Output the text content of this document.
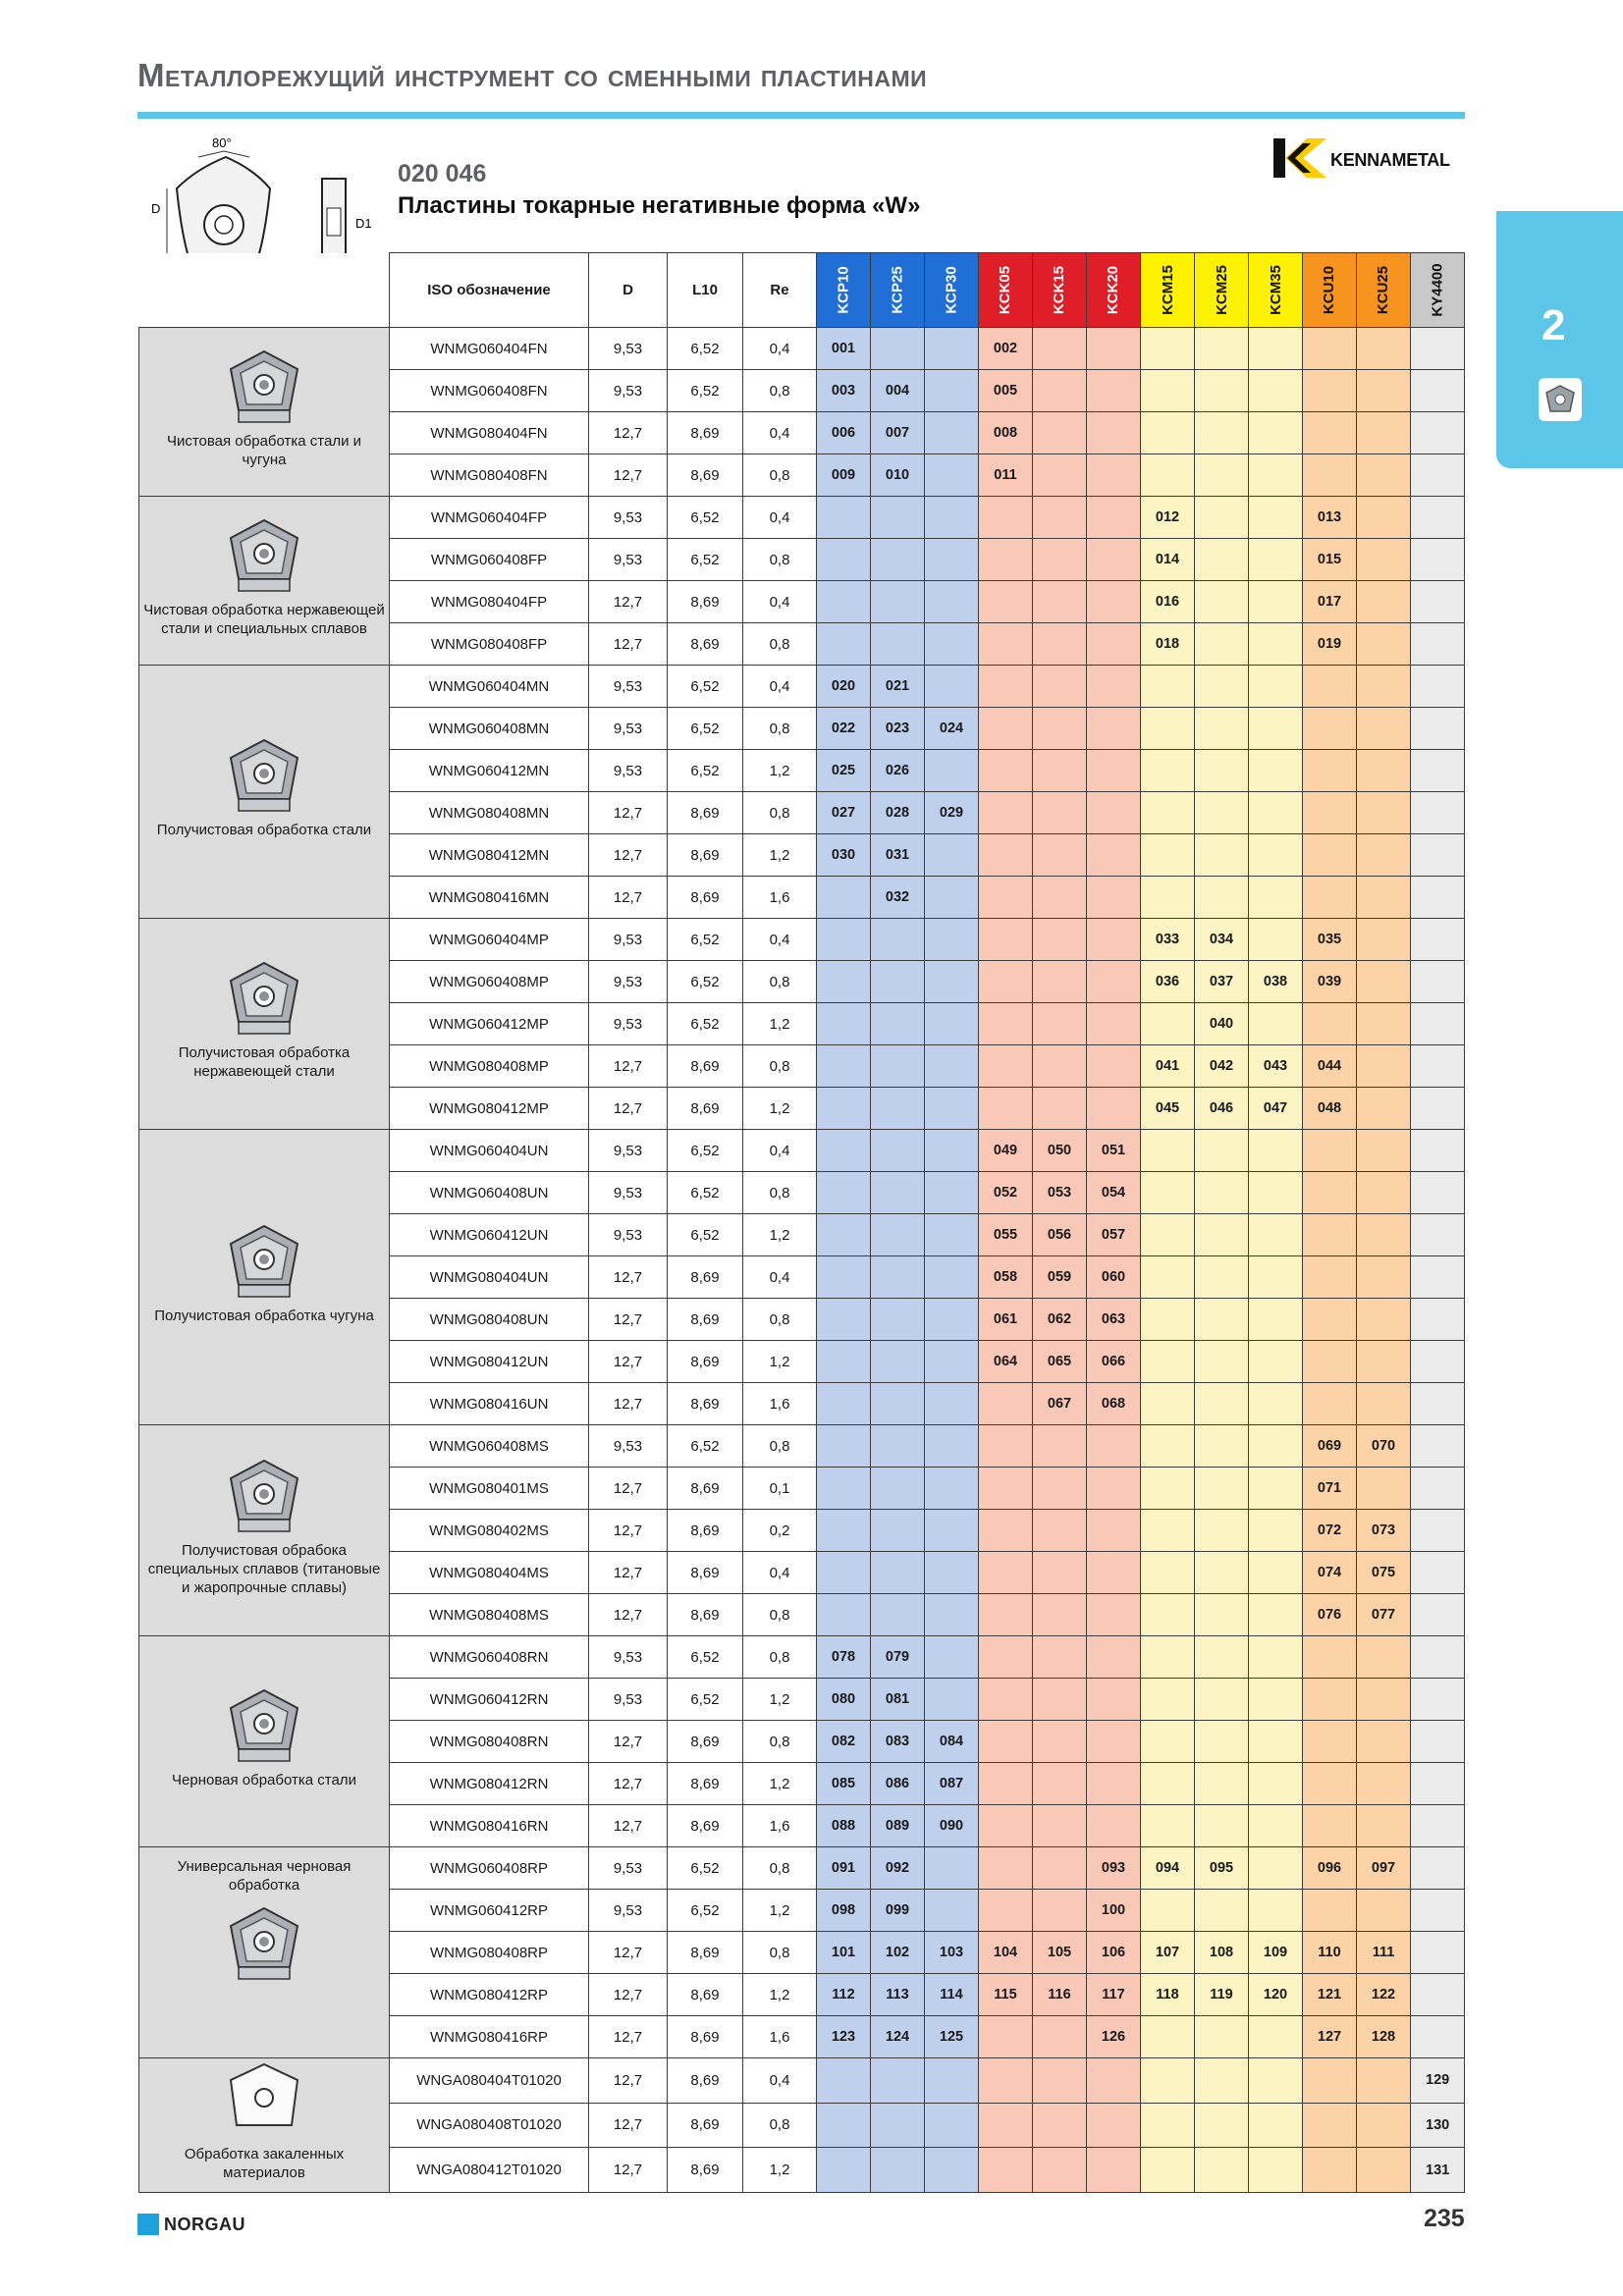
Металлорежущий инструмент со сменными пластинами
2
80°
D
D1
020 046
Пластины токарные негативные форма «W»
KENNAMETAL
	ISO обозначение	D	L10	Re	KCP10	KCP25	KCP30	KCK05	KCK15	KCK20	KCM15	KCM25	KCM35	KCU10	KCU25	KY4400

Чистовая обработка стали и чугуна	WNMG060404FN	9,53	6,52	0,4	001			002								
	WNMG060408FN	9,53	6,52	0,8	003	004		005								
	WNMG080404FN	12,7	8,69	0,4	006	007		008								
	WNMG080408FN	12,7	8,69	0,8	009	010		011								

Чистовая обработка нержавеющей стали и специальных сплавов	WNMG060404FP	9,53	6,52	0,4							012			013		
	WNMG060408FP	9,53	6,52	0,8							014			015		
	WNMG080404FP	12,7	8,69	0,4							016			017		
	WNMG080408FP	12,7	8,69	0,8							018			019		

Получистовая обработка стали	WNMG060404MN	9,53	6,52	0,4	020	021										
	WNMG060408MN	9,53	6,52	0,8	022	023	024									
	WNMG060412MN	9,53	6,52	1,2	025	026										
	WNMG080408MN	12,7	8,69	0,8	027	028	029									
	WNMG080412MN	12,7	8,69	1,2	030	031										
	WNMG080416MN	12,7	8,69	1,6		032										

Получистовая обработка нержавеющей стали	WNMG060404MP	9,53	6,52	0,4							033	034		035		
	WNMG060408MP	9,53	6,52	0,8							036	037	038	039		
	WNMG060412MP	9,53	6,52	1,2								040				
	WNMG080408MP	12,7	8,69	0,8							041	042	043	044		
	WNMG080412MP	12,7	8,69	1,2							045	046	047	048		

Получистовая обработка чугуна	WNMG060404UN	9,53	6,52	0,4				049	050	051						
	WNMG060408UN	9,53	6,52	0,8				052	053	054						
	WNMG060412UN	9,53	6,52	1,2				055	056	057						
	WNMG080404UN	12,7	8,69	0,4				058	059	060						
	WNMG080408UN	12,7	8,69	0,8				061	062	063						
	WNMG080412UN	12,7	8,69	1,2				064	065	066						
	WNMG080416UN	12,7	8,69	1,6					067	068						

Получистовая обрабока специальных сплавов (титановые и жаропрочные сплавы)	WNMG060408MS	9,53	6,52	0,8										069	070	
	WNMG080401MS	12,7	8,69	0,1										071		
	WNMG080402MS	12,7	8,69	0,2										072	073	
	WNMG080404MS	12,7	8,69	0,4										074	075	
	WNMG080408MS	12,7	8,69	0,8										076	077	

Черновая обработка стали	WNMG060408RN	9,53	6,52	0,8	078	079										
	WNMG060412RN	9,53	6,52	1,2	080	081										
	WNMG080408RN	12,7	8,69	0,8	082	083	084									
	WNMG080412RN	12,7	8,69	1,2	085	086	087									
	WNMG080416RN	12,7	8,69	1,6	088	089	090									

Универсальная черновая обработка	WNMG060408RP	9,53	6,52	0,8	091	092				093	094	095		096	097	
	WNMG060412RP	9,53	6,52	1,2	098	099				100						
	WNMG080408RP	12,7	8,69	0,8	101	102	103	104	105	106	107	108	109	110	111	
	WNMG080412RP	12,7	8,69	1,2	112	113	114	115	116	117	118	119	120	121	122	
	WNMG080416RP	12,7	8,69	1,6	123	124	125			126				127	128	

Обработка закаленных материалов	WNGA080404T01020	12,7	8,69	0,4												129
	WNGA080408T01020	12,7	8,69	0,8												130
	WNGA080412T01020	12,7	8,69	1,2												131
NORGAU	235
